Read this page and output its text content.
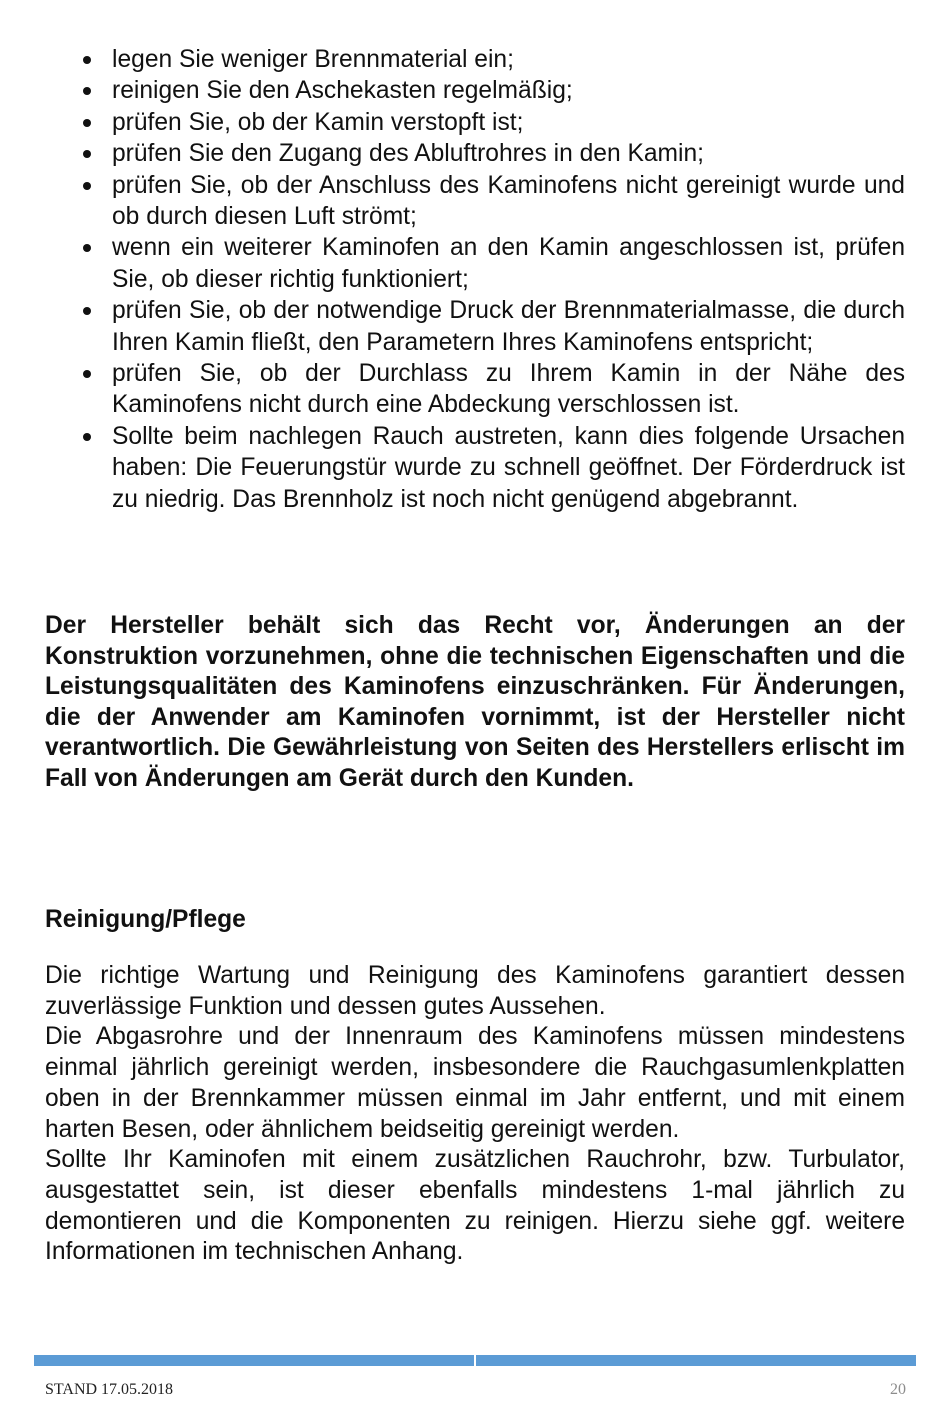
legen Sie weniger Brennmaterial ein;
reinigen Sie den Aschekasten regelmäßig;
prüfen Sie, ob der Kamin verstopft ist;
prüfen Sie den Zugang des Abluftrohres in den Kamin;
prüfen Sie, ob der Anschluss des Kaminofens nicht gereinigt wurde und ob durch diesen Luft strömt;
wenn ein weiterer Kaminofen an den Kamin angeschlossen ist, prüfen Sie, ob dieser richtig funktioniert;
prüfen Sie, ob der notwendige Druck der Brennmaterialmasse, die durch Ihren Kamin fließt, den Parametern Ihres Kaminofens entspricht;
prüfen Sie, ob der Durchlass zu Ihrem Kamin in der Nähe des Kaminofens nicht durch eine Abdeckung verschlossen ist.
Sollte beim nachlegen Rauch austreten, kann dies folgende Ursachen haben: Die Feuerungstür wurde zu schnell geöffnet. Der Förderdruck ist zu niedrig. Das Brennholz ist noch nicht genügend abgebrannt.

Der Hersteller behält sich das Recht vor, Änderungen an der Konstruktion vorzunehmen, ohne die technischen Eigenschaften und die Leistungsqualitäten des Kaminofens einzuschränken. Für Änderungen, die der Anwender am Kaminofen vornimmt, ist der Hersteller nicht verantwortlich. Die Gewährleistung von Seiten des Herstellers erlischt im Fall von Änderungen am Gerät durch den Kunden.

Reinigung/Pflege

Die richtige Wartung und Reinigung des Kaminofens garantiert dessen zuverlässige Funktion und dessen gutes Aussehen.

Die Abgasrohre und der Innenraum des Kaminofens müssen mindestens einmal jährlich gereinigt werden, insbesondere die Rauchgasumlenkplatten oben in der Brennkammer müssen einmal im Jahr entfernt, und mit einem harten Besen, oder ähnlichem beidseitig gereinigt werden.

Sollte Ihr Kaminofen mit einem zusätzlichen Rauchrohr, bzw. Turbulator, ausgestattet sein, ist dieser ebenfalls mindestens 1-mal jährlich zu demontieren und die Komponenten zu reinigen. Hierzu siehe ggf. weitere Informationen im technischen Anhang.

STAND 17.05.2018	20
